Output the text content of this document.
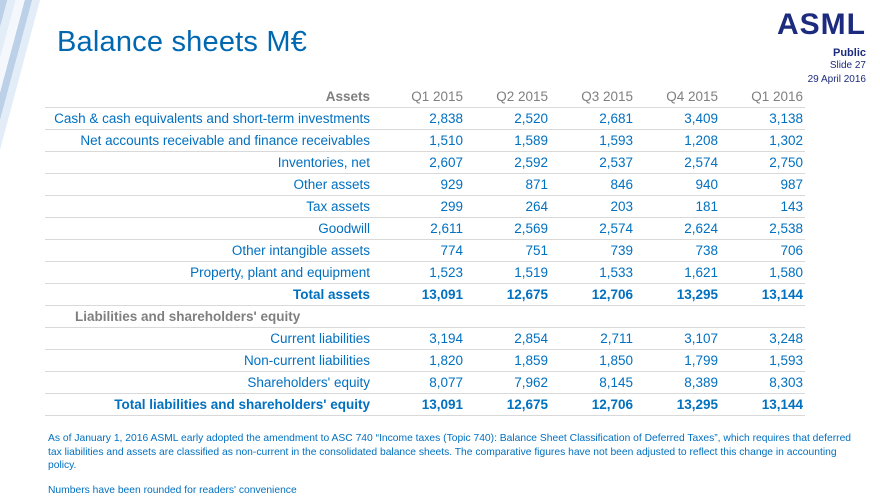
Balance sheets M€
ASML
Public
Slide 27
29 April 2016
Assets	Q1 2015	Q2 2015	Q3 2015	Q4 2015	Q1 2016
Cash & cash equivalents and short-term investments	2,838	2,520	2,681	3,409	3,138
Net accounts receivable and finance receivables	1,510	1,589	1,593	1,208	1,302
Inventories, net	2,607	2,592	2,537	2,574	2,750
Other assets	929	871	846	940	987
Tax assets	299	264	203	181	143
Goodwill	2,611	2,569	2,574	2,624	2,538
Other intangible assets	774	751	739	738	706
Property, plant and equipment	1,523	1,519	1,533	1,621	1,580
Total assets	13,091	12,675	12,706	13,295	13,144
Liabilities and shareholders' equity					
Current liabilities	3,194	2,854	2,711	3,107	3,248
Non-current liabilities	1,820	1,859	1,850	1,799	1,593
Shareholders' equity	8,077	7,962	8,145	8,389	8,303
Total liabilities and shareholders' equity	13,091	12,675	12,706	13,295	13,144
As of January 1, 2016 ASML early adopted the amendment to ASC 740 “Income taxes (Topic 740): Balance Sheet Classification of Deferred Taxes”, which requires that deferred tax liabilities and assets are classified as non-current in the consolidated balance sheets. The comparative figures have not been adjusted to reflect this change in accounting policy.
Numbers have been rounded for readers' convenience
